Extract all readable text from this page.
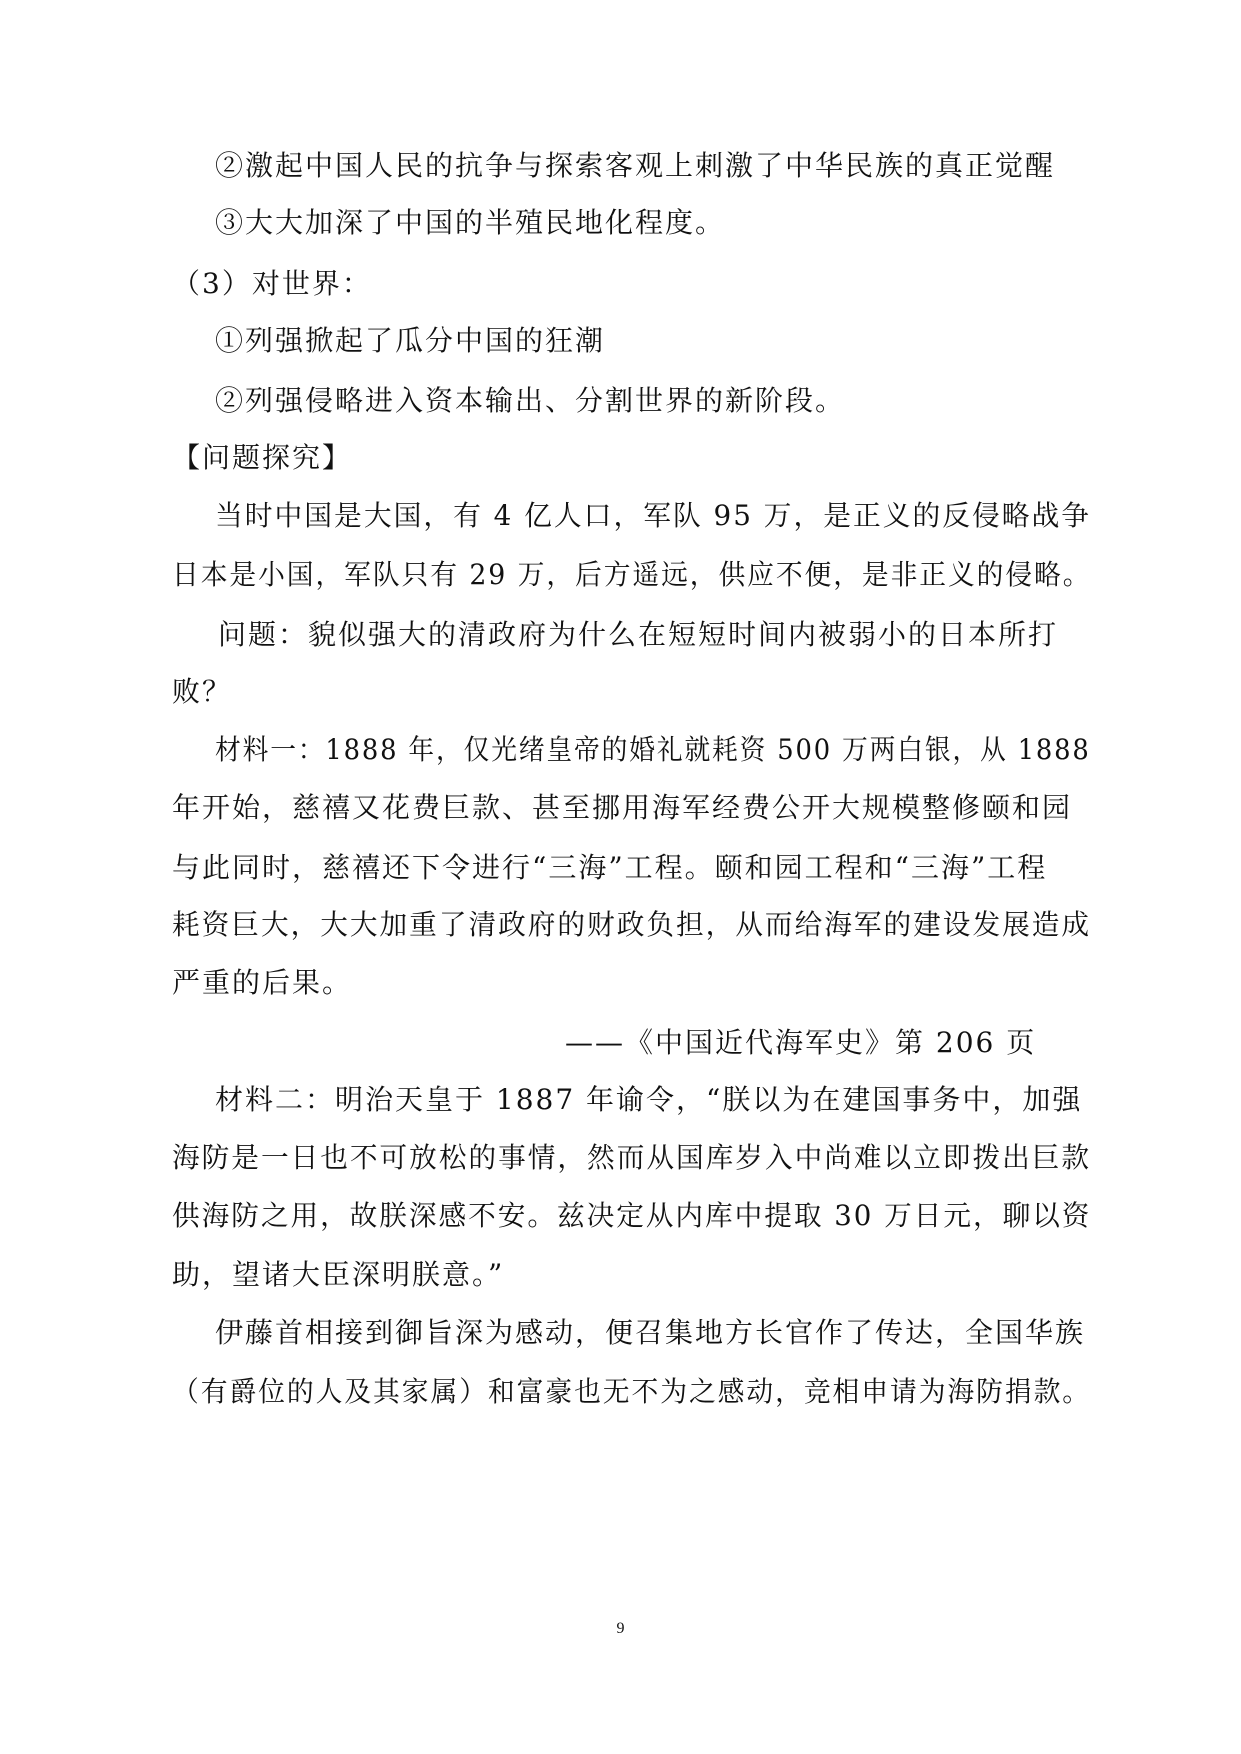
②激起中国人民的抗争与探索客观上刺激了中华民族的真正觉醒
③大大加深了中国的半殖民地化程度。
（3）对世界：
①列强掀起了瓜分中国的狂潮
②列强侵略进入资本输出、分割世界的新阶段。
【问题探究】
当时中国是大国，有 4 亿人口，军队 95 万，是正义的反侵略战争
日本是小国，军队只有 29 万，后方遥远，供应不便，是非正义的侵略。
问题：貌似强大的清政府为什么在短短时间内被弱小的日本所打
败？
材料一：1888 年，仅光绪皇帝的婚礼就耗资 500 万两白银，从 1888
年开始，慈禧又花费巨款、甚至挪用海军经费公开大规模整修颐和园
与此同时，慈禧还下令进行“三海”工程。颐和园工程和“三海”工程
耗资巨大，大大加重了清政府的财政负担，从而给海军的建设发展造成
严重的后果。
——《中国近代海军史》第 206 页
材料二：明治天皇于 1887 年谕令，“朕以为在建国事务中，加强
海防是一日也不可放松的事情，然而从国库岁入中尚难以立即拨出巨款
供海防之用，故朕深感不安。兹决定从内库中提取 30 万日元，聊以资
助，望诸大臣深明朕意。”
伊藤首相接到御旨深为感动，便召集地方长官作了传达，全国华族
（有爵位的人及其家属）和富豪也无不为之感动，竞相申请为海防捐款。
9
